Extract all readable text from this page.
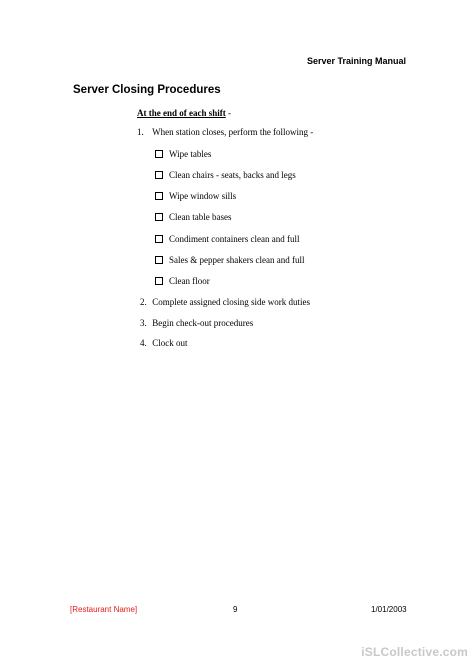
Server Training Manual
Server Closing Procedures
At the end of each shift -
1. When station closes, perform the following -
Wipe tables
Clean chairs - seats, backs and legs
Wipe window sills
Clean table bases
Condiment containers clean and full
Sales & pepper shakers clean and full
Clean floor
2. Complete assigned closing side work duties
3. Begin check-out procedures
4. Clock out
[Restaurant Name]	9	1/01/2003
iSLCollective.com
